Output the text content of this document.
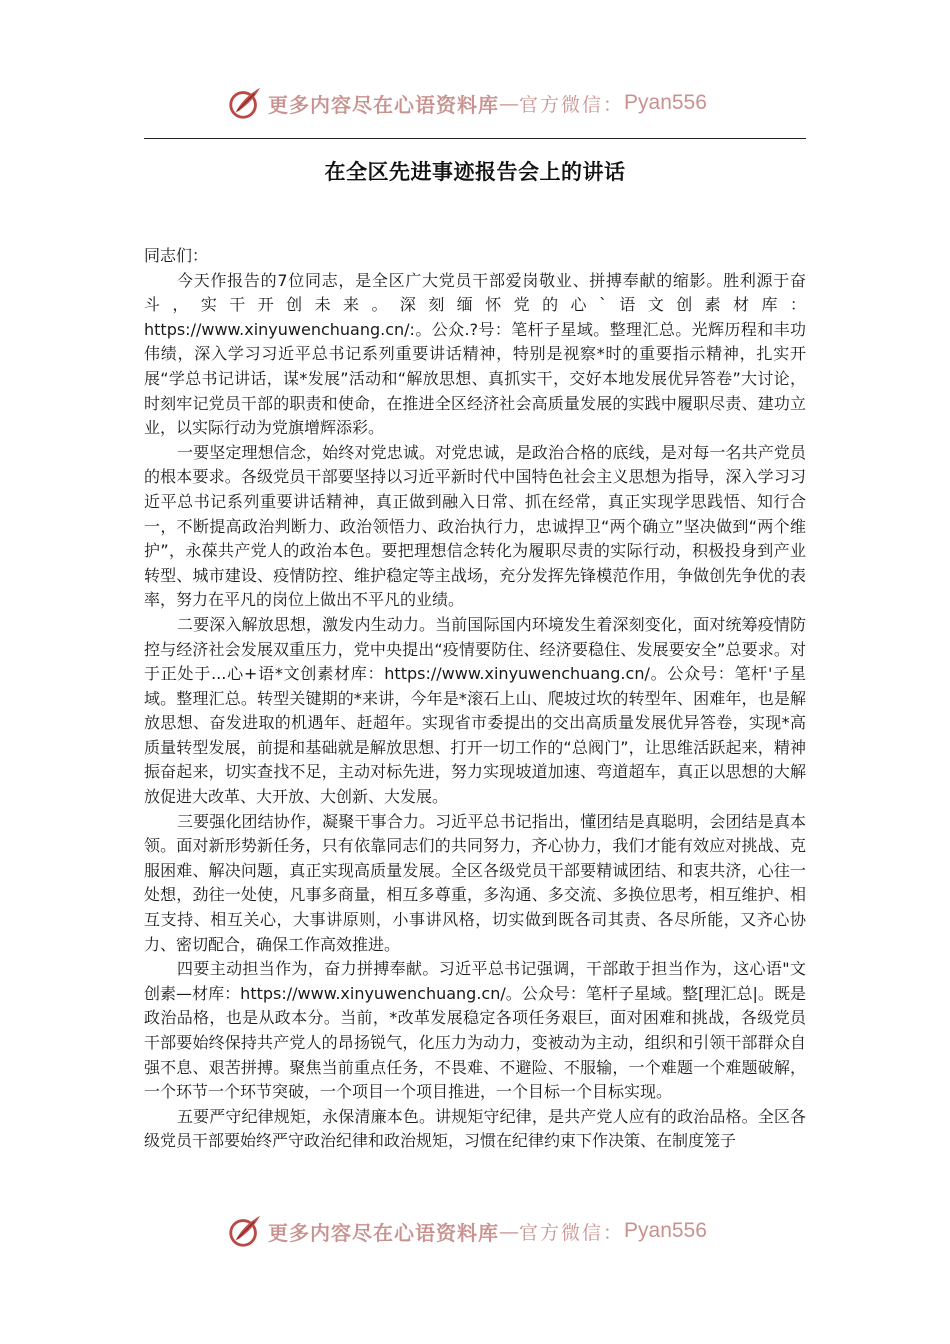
更多内容尽在心语资料库 — 官方微信： Pyan556
在全区先进事迹报告会上的讲话

同志们：

今天作报告的7位同志，是全区广大党员干部爱岗敬业、拼搏奉献的缩影。胜利源于奋斗，实干开创未来。深刻缅怀党的心`语文创素材库：https://www.xinyuwenchuang.cn/:。公众.?号：笔杆子星域。整理汇总。光辉历程和丰功伟绩，深入学习习近平总书记系列重要讲话精神，特别是视察*时的重要指示精神，扎实开展“学总书记讲话，谋*发展”活动和“解放思想、真抓实干，交好本地发展优异答卷”大讨论，时刻牢记党员干部的职责和使命，在推进全区经济社会高质量发展的实践中履职尽责、建功立业，以实际行动为党旗增辉添彩。

一要坚定理想信念，始终对党忠诚。对党忠诚，是政治合格的底线，是对每一名共产党员的根本要求。各级党员干部要坚持以习近平新时代中国特色社会主义思想为指导，深入学习习近平总书记系列重要讲话精神，真正做到融入日常、抓在经常，真正实现学思践悟、知行合一，不断提高政治判断力、政治领悟力、政治执行力，忠诚捍卫“两个确立”坚决做到“两个维护”，永葆共产党人的政治本色。要把理想信念转化为履职尽责的实际行动，积极投身到产业转型、城市建设、疫情防控、维护稳定等主战场，充分发挥先锋模范作用，争做创先争优的表率，努力在平凡的岗位上做出不平凡的业绩。

二要深入解放思想，激发内生动力。当前国际国内环境发生着深刻变化，面对统筹疫情防控与经济社会发展双重压力，党中央提出“疫情要防住、经济要稳住、发展要安全”总要求。对于正处于...心+语*文创素材库：https://www.xinyuwenchuang.cn/。公众号：笔杆'子星域。整理汇总。转型关键期的*来讲，今年是*滚石上山、爬坡过坎的转型年、困难年，也是解放思想、奋发进取的机遇年、赶超年。实现省市委提出的交出高质量发展优异答卷，实现*高质量转型发展，前提和基础就是解放思想、打开一切工作的“总阀门”，让思维活跃起来，精神振奋起来，切实查找不足，主动对标先进，努力实现坡道加速、弯道超车，真正以思想的大解放促进大改革、大开放、大创新、大发展。

三要强化团结协作，凝聚干事合力。习近平总书记指出，懂团结是真聪明，会团结是真本领。面对新形势新任务，只有依靠同志们的共同努力，齐心协力，我们才能有效应对挑战、克服困难、解决问题，真正实现高质量发展。全区各级党员干部要精诚团结、和衷共济，心往一处想，劲往一处使，凡事多商量，相互多尊重，多沟通、多交流、多换位思考，相互维护、相互支持、相互关心，大事讲原则，小事讲风格，切实做到既各司其责、各尽所能，又齐心协力、密切配合，确保工作高效推进。

四要主动担当作为，奋力拼搏奉献。习近平总书记强调，干部敢于担当作为，这心语"文创素—材库：https://www.xinyuwenchuang.cn/。公众号：笔杆子星域。整[理汇总|。既是政治品格，也是从政本分。当前，*改革发展稳定各项任务艰巨，面对困难和挑战，各级党员干部要始终保持共产党人的昂扬锐气，化压力为动力，变被动为主动，组织和引领干部群众自强不息、艰苦拼搏。聚焦当前重点任务，不畏难、不避险、不服输，一个难题一个难题破解，一个环节一个环节突破，一个项目一个项目推进，一个目标一个目标实现。

五要严守纪律规矩，永保清廉本色。讲规矩守纪律，是共产党人应有的政治品格。全区各级党员干部要始终严守政治纪律和政治规矩，习惯在纪律约束下作决策、在制度笼子

更多内容尽在心语资料库 — 官方微信： Pyan556
